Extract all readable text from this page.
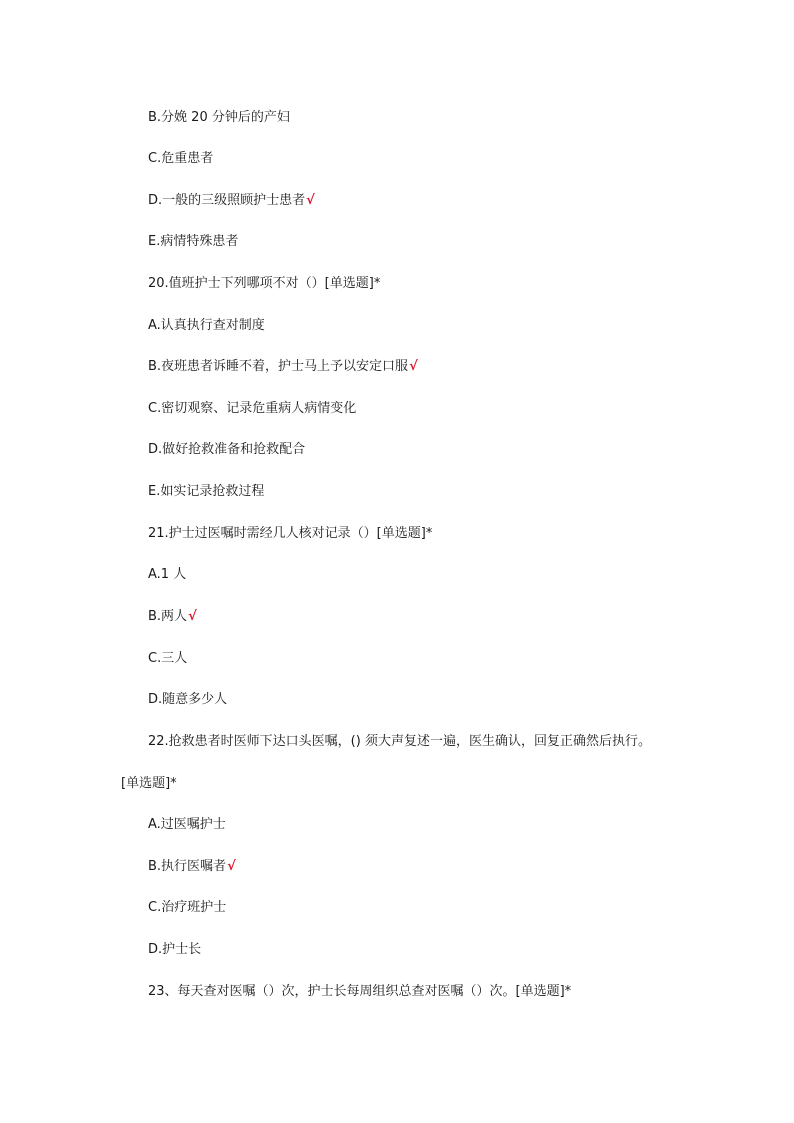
B.分娩 20 分钟后的产妇
C.危重患者
D.一般的三级照顾护士患者√
E.病情特殊患者
20.值班护士下列哪项不对（）[单选题]*
A.认真执行查对制度
B.夜班患者诉睡不着，护士马上予以安定口服√
C.密切观察、记录危重病人病情变化
D.做好抢救准备和抢救配合
E.如实记录抢救过程
21.护士过医嘱时需经几人核对记录（）[单选题]*
A.1 人
B.两人√
C.三人
D.随意多少人
22.抢救患者时医师下达口头医嘱，() 须大声复述一遍，医生确认，回复正确然后执行。
[单选题]*
A.过医嘱护士
B.执行医嘱者√
C.治疗班护士
D.护士长
23、每天查对医嘱（）次，护士长每周组织总查对医嘱（）次。[单选题]*
